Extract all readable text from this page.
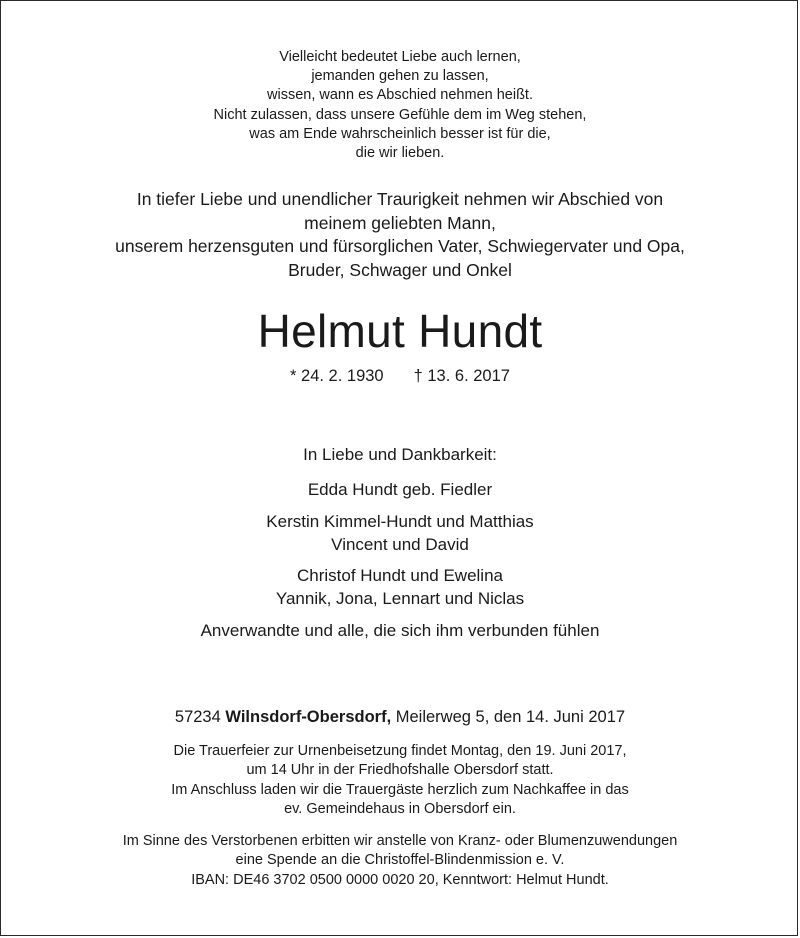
Vielleicht bedeutet Liebe auch lernen,
jemanden gehen zu lassen,
wissen, wann es Abschied nehmen heißt.
Nicht zulassen, dass unsere Gefühle dem im Weg stehen,
was am Ende wahrscheinlich besser ist für die,
die wir lieben.
In tiefer Liebe und unendlicher Traurigkeit nehmen wir Abschied von
meinem geliebten Mann,
unserem herzensguten und fürsorglichen Vater, Schwiegervater und Opa,
Bruder, Schwager und Onkel
Helmut Hundt
* 24. 2. 1930 † 13. 6. 2017
In Liebe und Dankbarkeit:
Edda Hundt geb. Fiedler
Kerstin Kimmel-Hundt und Matthias
Vincent und David
Christof Hundt und Ewelina
Yannik, Jona, Lennart und Niclas
Anverwandte und alle, die sich ihm verbunden fühlen
57234 Wilnsdorf-Obersdorf, Meilerweg 5, den 14. Juni 2017
Die Trauerfeier zur Urnenbeisetzung findet Montag, den 19. Juni 2017,
um 14 Uhr in der Friedhofshalle Obersdorf statt.
Im Anschluss laden wir die Trauergäste herzlich zum Nachkaffee in das
ev. Gemeindehaus in Obersdorf ein.
Im Sinne des Verstorbenen erbitten wir anstelle von Kranz- oder Blumenzuwendungen
eine Spende an die Christoffel-Blindenmission e. V.
IBAN: DE46 3702 0500 0000 0020 20, Kenntwort: Helmut Hundt.
